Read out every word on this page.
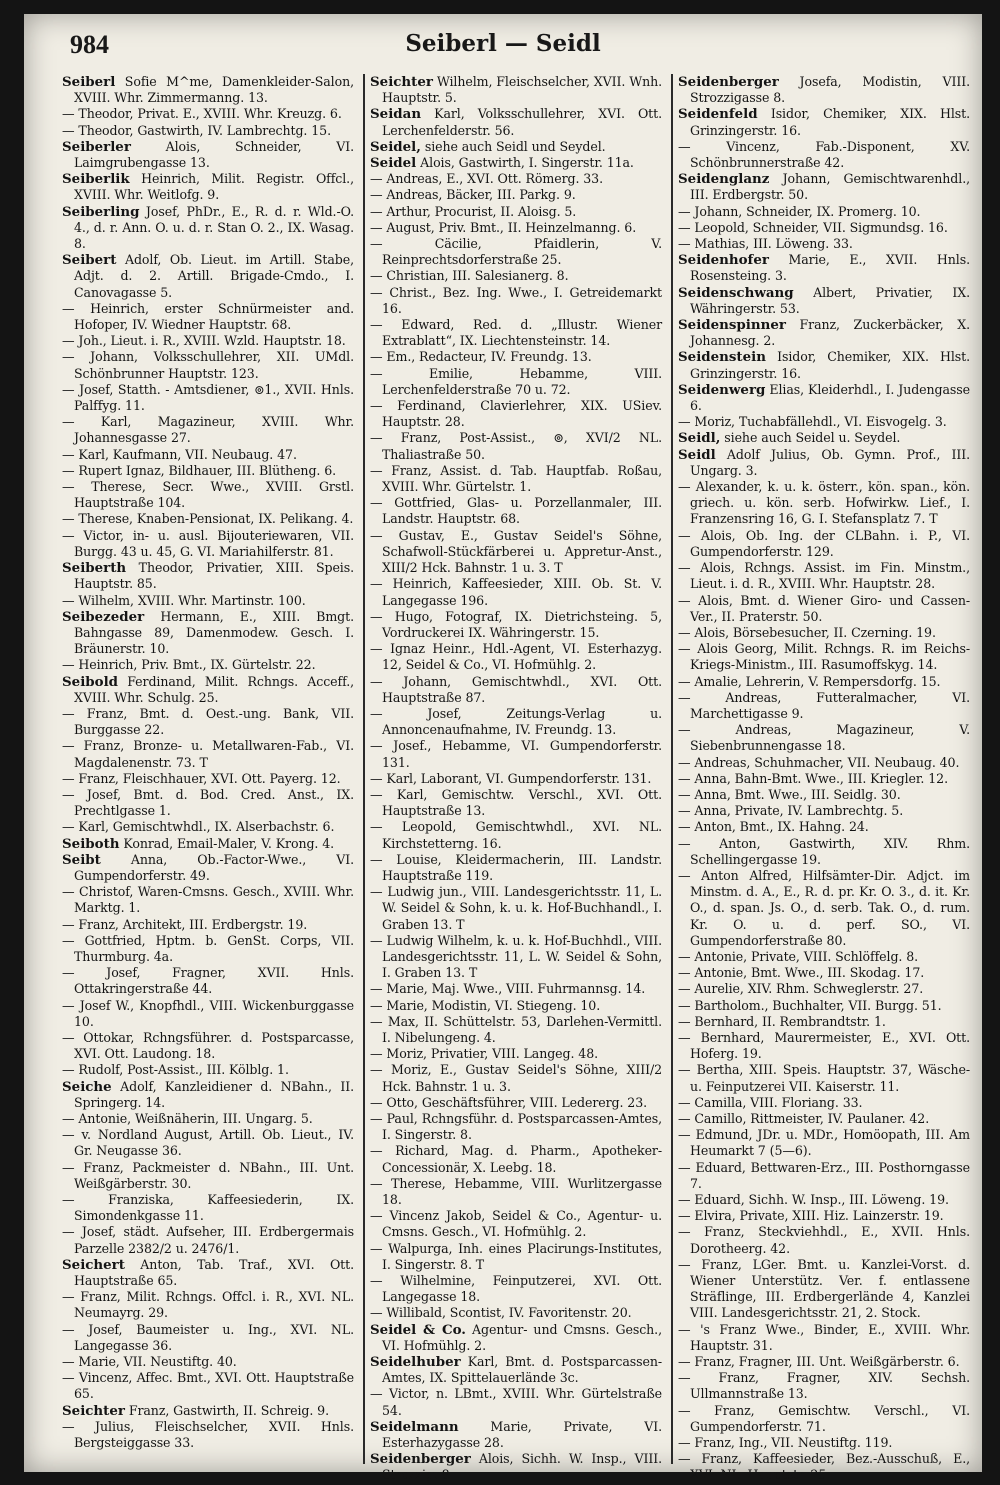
984	Seiberl — Seidl

Seiberl Sofie M^me, Damenkleider-Salon, XVIII. Whr. Zimmermanng. 13.

— Theodor, Privat. E., XVIII. Whr. Kreuzg. 6.

— Theodor, Gastwirth, IV. Lambrechtg. 15.

Seiberler Alois, Schneider, VI. Laimgrubengasse 13.

Seiberlik Heinrich, Milit. Registr. Offcl., XVIII. Whr. Weitlofg. 9.

Seiberling Josef, PhDr., E., R. d. r. Wld.-O. 4., d. r. Ann. O. u. d. r. Stan O. 2., IX. Wasag. 8.

Seibert Adolf, Ob. Lieut. im Artill. Stabe, Adjt. d. 2. Artill. Brigade-Cmdo., I. Canovagasse 5.

— Heinrich, erster Schnürmeister and. Hofoper, IV. Wiedner Hauptstr. 68.

— Joh., Lieut. i. R., XVIII. Wzld. Hauptstr. 18.

— Johann, Volksschullehrer, XII. UMdl. Schönbrunner Hauptstr. 123.

— Josef, Statth. - Amtsdiener, ⊚1., XVII. Hnls. Palffyg. 11.

— Karl, Magazineur, XVIII. Whr. Johannesgasse 27.

— Karl, Kaufmann, VII. Neubaug. 47.

— Rupert Ignaz, Bildhauer, III. Blütheng. 6.

— Therese, Secr. Wwe., XVIII. Grstl. Hauptstraße 104.

— Therese, Knaben-Pensionat, IX. Pelikang. 4.

— Victor, in- u. ausl. Bijouteriewaren, VII. Burgg. 43 u. 45, G. VI. Mariahilferstr. 81.

Seiberth Theodor, Privatier, XIII. Speis. Hauptstr. 85.

— Wilhelm, XVIII. Whr. Martinstr. 100.

Seibezeder Hermann, E., XIII. Bmgt. Bahngasse 89, Damenmodew. Gesch. I. Bräunerstr. 10.

— Heinrich, Priv. Bmt., IX. Gürtelstr. 22.

Seibold Ferdinand, Milit. Rchngs. Acceff., XVIII. Whr. Schulg. 25.

— Franz, Bmt. d. Oest.-ung. Bank, VII. Burggasse 22.

— Franz, Bronze- u. Metallwaren-Fab., VI. Magdalenenstr. 73. T

— Franz, Fleischhauer, XVI. Ott. Payerg. 12.

— Josef, Bmt. d. Bod. Cred. Anst., IX. Prechtlgasse 1.

— Karl, Gemischtwhdl., IX. Alserbachstr. 6.

Seiboth Konrad, Email-Maler, V. Krong. 4.

Seibt Anna, Ob.-Factor-Wwe., VI. Gumpendorferstr. 49.

— Christof, Waren-Cmsns. Gesch., XVIII. Whr. Marktg. 1.

— Franz, Architekt, III. Erdbergstr. 19.

— Gottfried, Hptm. b. GenSt. Corps, VII. Thurmburg. 4a.

— Josef, Fragner, XVII. Hnls. Ottakringerstraße 44.

— Josef W., Knopfhdl., VIII. Wickenburggasse 10.

— Ottokar, Rchngsführer. d. Postsparcasse, XVI. Ott. Laudong. 18.

— Rudolf, Post-Assist., III. Kölblg. 1.

Seiche Adolf, Kanzleidiener d. NBahn., II. Springerg. 14.

— Antonie, Weißnäherin, III. Ungarg. 5.

— v. Nordland August, Artill. Ob. Lieut., IV. Gr. Neugasse 36.

— Franz, Packmeister d. NBahn., III. Unt. Weißgärberstr. 30.

— Franziska, Kaffeesiederin, IX. Simondenkgasse 11.

— Josef, städt. Aufseher, III. Erdbergermais Parzelle 2382/2 u. 2476/1.

Seichert Anton, Tab. Traf., XVI. Ott. Hauptstraße 65.

— Franz, Milit. Rchngs. Offcl. i. R., XVI. NL. Neumayrg. 29.

— Josef, Baumeister u. Ing., XVI. NL. Langegasse 36.

— Marie, VII. Neustiftg. 40.

— Vincenz, Affec. Bmt., XVI. Ott. Hauptstraße 65.

Seichter Franz, Gastwirth, II. Schreig. 9.

— Julius, Fleischselcher, XVII. Hnls. Bergsteiggasse 33.

Seichter Wilhelm, Fleischselcher, XVII. Wnh. Hauptstr. 5.

Seidan Karl, Volksschullehrer, XVI. Ott. Lerchenfelderstr. 56.

Seidel, siehe auch Seidl und Seydel.

Seidel Alois, Gastwirth, I. Singerstr. 11a.

— Andreas, E., XVI. Ott. Römerg. 33.

— Andreas, Bäcker, III. Parkg. 9.

— Arthur, Procurist, II. Aloisg. 5.

— August, Priv. Bmt., II. Heinzelmanng. 6.

— Cäcilie, Pfaidlerin, V. Reinprechtsdorferstraße 25.

— Christian, III. Salesianerg. 8.

— Christ., Bez. Ing. Wwe., I. Getreidemarkt 16.

— Edward, Red. d. „Illustr. Wiener Extrablatt“, IX. Liechtensteinstr. 14.

— Em., Redacteur, IV. Freundg. 13.

— Emilie, Hebamme, VIII. Lerchenfelderstraße 70 u. 72.

— Ferdinand, Clavierlehrer, XIX. USiev. Hauptstr. 28.

— Franz, Post-Assist., ⊚, XVI/2 NL. Thaliastraße 50.

— Franz, Assist. d. Tab. Hauptfab. Roßau, XVIII. Whr. Gürtelstr. 1.

— Gottfried, Glas- u. Porzellanmaler, III. Landstr. Hauptstr. 68.

— Gustav, E., Gustav Seidel's Söhne, Schafwoll-Stückfärberei u. Appretur-Anst., XIII/2 Hck. Bahnstr. 1 u. 3. T

— Heinrich, Kaffeesieder, XIII. Ob. St. V. Langegasse 196.

— Hugo, Fotograf, IX. Dietrichsteing. 5, Vordruckerei IX. Währingerstr. 15.

— Ignaz Heinr., Hdl.-Agent, VI. Esterhazyg. 12, Seidel & Co., VI. Hofmühlg. 2.

— Johann, Gemischtwhdl., XVI. Ott. Hauptstraße 87.

— Josef, Zeitungs-Verlag u. Annoncenaufnahme, IV. Freundg. 13.

— Josef., Hebamme, VI. Gumpendorferstr. 131.

— Karl, Laborant, VI. Gumpendorferstr. 131.

— Karl, Gemischtw. Verschl., XVI. Ott. Hauptstraße 13.

— Leopold, Gemischtwhdl., XVI. NL. Kirchstetterng. 16.

— Louise, Kleidermacherin, III. Landstr. Hauptstraße 119.

— Ludwig jun., VIII. Landesgerichtsstr. 11, L. W. Seidel & Sohn, k. u. k. Hof-Buchhandl., I. Graben 13. T

— Ludwig Wilhelm, k. u. k. Hof-Buchhdl., VIII. Landesgerichtsstr. 11, L. W. Seidel & Sohn, I. Graben 13. T

— Marie, Maj. Wwe., VIII. Fuhrmannsg. 14.

— Marie, Modistin, VI. Stiegeng. 10.

— Max, II. Schüttelstr. 53, Darlehen-Vermittl. I. Nibelungeng. 4.

— Moriz, Privatier, VIII. Langeg. 48.

— Moriz, E., Gustav Seidel's Söhne, XIII/2 Hck. Bahnstr. 1 u. 3.

— Otto, Geschäftsführer, VIII. Ledererg. 23.

— Paul, Rchngsführ. d. Postsparcassen-Amtes, I. Singerstr. 8.

— Richard, Mag. d. Pharm., Apotheker-Concessionär, X. Leebg. 18.

— Therese, Hebamme, VIII. Wurlitzergasse 18.

— Vincenz Jakob, Seidel & Co., Agentur- u. Cmsns. Gesch., VI. Hofmühlg. 2.

— Walpurga, Inh. eines Placirungs-Institutes, I. Singerstr. 8. T

— Wilhelmine, Feinputzerei, XVI. Ott. Langegasse 18.

— Willibald, Scontist, IV. Favoritenstr. 20.

Seidel & Co. Agentur- und Cmsns. Gesch., VI. Hofmühlg. 2.

Seidelhuber Karl, Bmt. d. Postsparcassen-Amtes, IX. Spittelauerlände 3c.

— Victor, n. LBmt., XVIII. Whr. Gürtelstraße 54.

Seidelmann Marie, Private, VI. Esterhazygasse 28.

Seidenberger Alois, Sichh. W. Insp., VIII. Strozzig. 8.

Seidenberger Josefa, Modistin, VIII. Strozzigasse 8.

Seidenfeld Isidor, Chemiker, XIX. Hlst. Grinzingerstr. 16.

— Vincenz, Fab.-Disponent, XV. Schönbrunnerstraße 42.

Seidenglanz Johann, Gemischtwarenhdl., III. Erdbergstr. 50.

— Johann, Schneider, IX. Promerg. 10.

— Leopold, Schneider, VII. Sigmundsg. 16.

— Mathias, III. Löweng. 33.

Seidenhofer Marie, E., XVII. Hnls. Rosensteing. 3.

Seidenschwang Albert, Privatier, IX. Währingerstr. 53.

Seidenspinner Franz, Zuckerbäcker, X. Johannesg. 2.

Seidenstein Isidor, Chemiker, XIX. Hlst. Grinzingerstr. 16.

Seidenwerg Elias, Kleiderhdl., I. Judengasse 6.

— Moriz, Tuchabfällehdl., VI. Eisvogelg. 3.

Seidl, siehe auch Seidel u. Seydel.

Seidl Adolf Julius, Ob. Gymn. Prof., III. Ungarg. 3.

— Alexander, k. u. k. österr., kön. span., kön. griech. u. kön. serb. Hofwirkw. Lief., I. Franzensring 16, G. I. Stefansplatz 7. T

— Alois, Ob. Ing. der CLBahn. i. P., VI. Gumpendorferstr. 129.

— Alois, Rchngs. Assist. im Fin. Minstm., Lieut. i. d. R., XVIII. Whr. Hauptstr. 28.

— Alois, Bmt. d. Wiener Giro- und Cassen-Ver., II. Praterstr. 50.

— Alois, Börsebesucher, II. Czerning. 19.

— Alois Georg, Milit. Rchngs. R. im Reichs-Kriegs-Ministm., III. Rasumoffskyg. 14.

— Amalie, Lehrerin, V. Rempersdorfg. 15.

— Andreas, Futteralmacher, VI. Marchettigasse 9.

— Andreas, Magazineur, V. Siebenbrunnengasse 18.

— Andreas, Schuhmacher, VII. Neubaug. 40.

— Anna, Bahn-Bmt. Wwe., III. Kriegler. 12.

— Anna, Bmt. Wwe., III. Seidlg. 30.

— Anna, Private, IV. Lambrechtg. 5.

— Anton, Bmt., IX. Hahng. 24.

— Anton, Gastwirth, XIV. Rhm. Schellingergasse 19.

— Anton Alfred, Hilfsämter-Dir. Adjct. im Minstm. d. A., E., R. d. pr. Kr. O. 3., d. it. Kr. O., d. span. Js. O., d. serb. Tak. O., d. rum. Kr. O. u. d. perf. SO., VI. Gumpendorferstraße 80.

— Antonie, Private, VIII. Schlöffelg. 8.

— Antonie, Bmt. Wwe., III. Skodag. 17.

— Aurelie, XIV. Rhm. Schweglerstr. 27.

— Bartholom., Buchhalter, VII. Burgg. 51.

— Bernhard, II. Rembrandtstr. 1.

— Bernhard, Maurermeister, E., XVI. Ott. Hoferg. 19.

— Bertha, XIII. Speis. Hauptstr. 37, Wäsche- u. Feinputzerei VII. Kaiserstr. 11.

— Camilla, VIII. Floriang. 33.

— Camillo, Rittmeister, IV. Paulaner. 42.

— Edmund, JDr. u. MDr., Homöopath, III. Am Heumarkt 7 (5—6).

— Eduard, Bettwaren-Erz., III. Posthorngasse 7.

— Eduard, Sichh. W. Insp., III. Löweng. 19.

— Elvira, Private, XIII. Hiz. Lainzerstr. 19.

— Franz, Steckviehhdl., E., XVII. Hnls. Dorotheerg. 42.

— Franz, LGer. Bmt. u. Kanzlei-Vorst. d. Wiener Unterstütz. Ver. f. entlassene Sträflinge, III. Erdbergerlände 4, Kanzlei VIII. Landesgerichtsstr. 21, 2. Stock.

— 's Franz Wwe., Binder, E., XVIII. Whr. Hauptstr. 31.

— Franz, Fragner, III. Unt. Weißgärberstr. 6.

— Franz, Fragner, XIV. Sechsh. Ullmannstraße 13.

— Franz, Gemischtw. Verschl., VI. Gumpendorferstr. 71.

— Franz, Ing., VII. Neustiftg. 119.

— Franz, Kaffeesieder, Bez.-Ausschuß, E., XVI. NL. Hauptstr. 25.
